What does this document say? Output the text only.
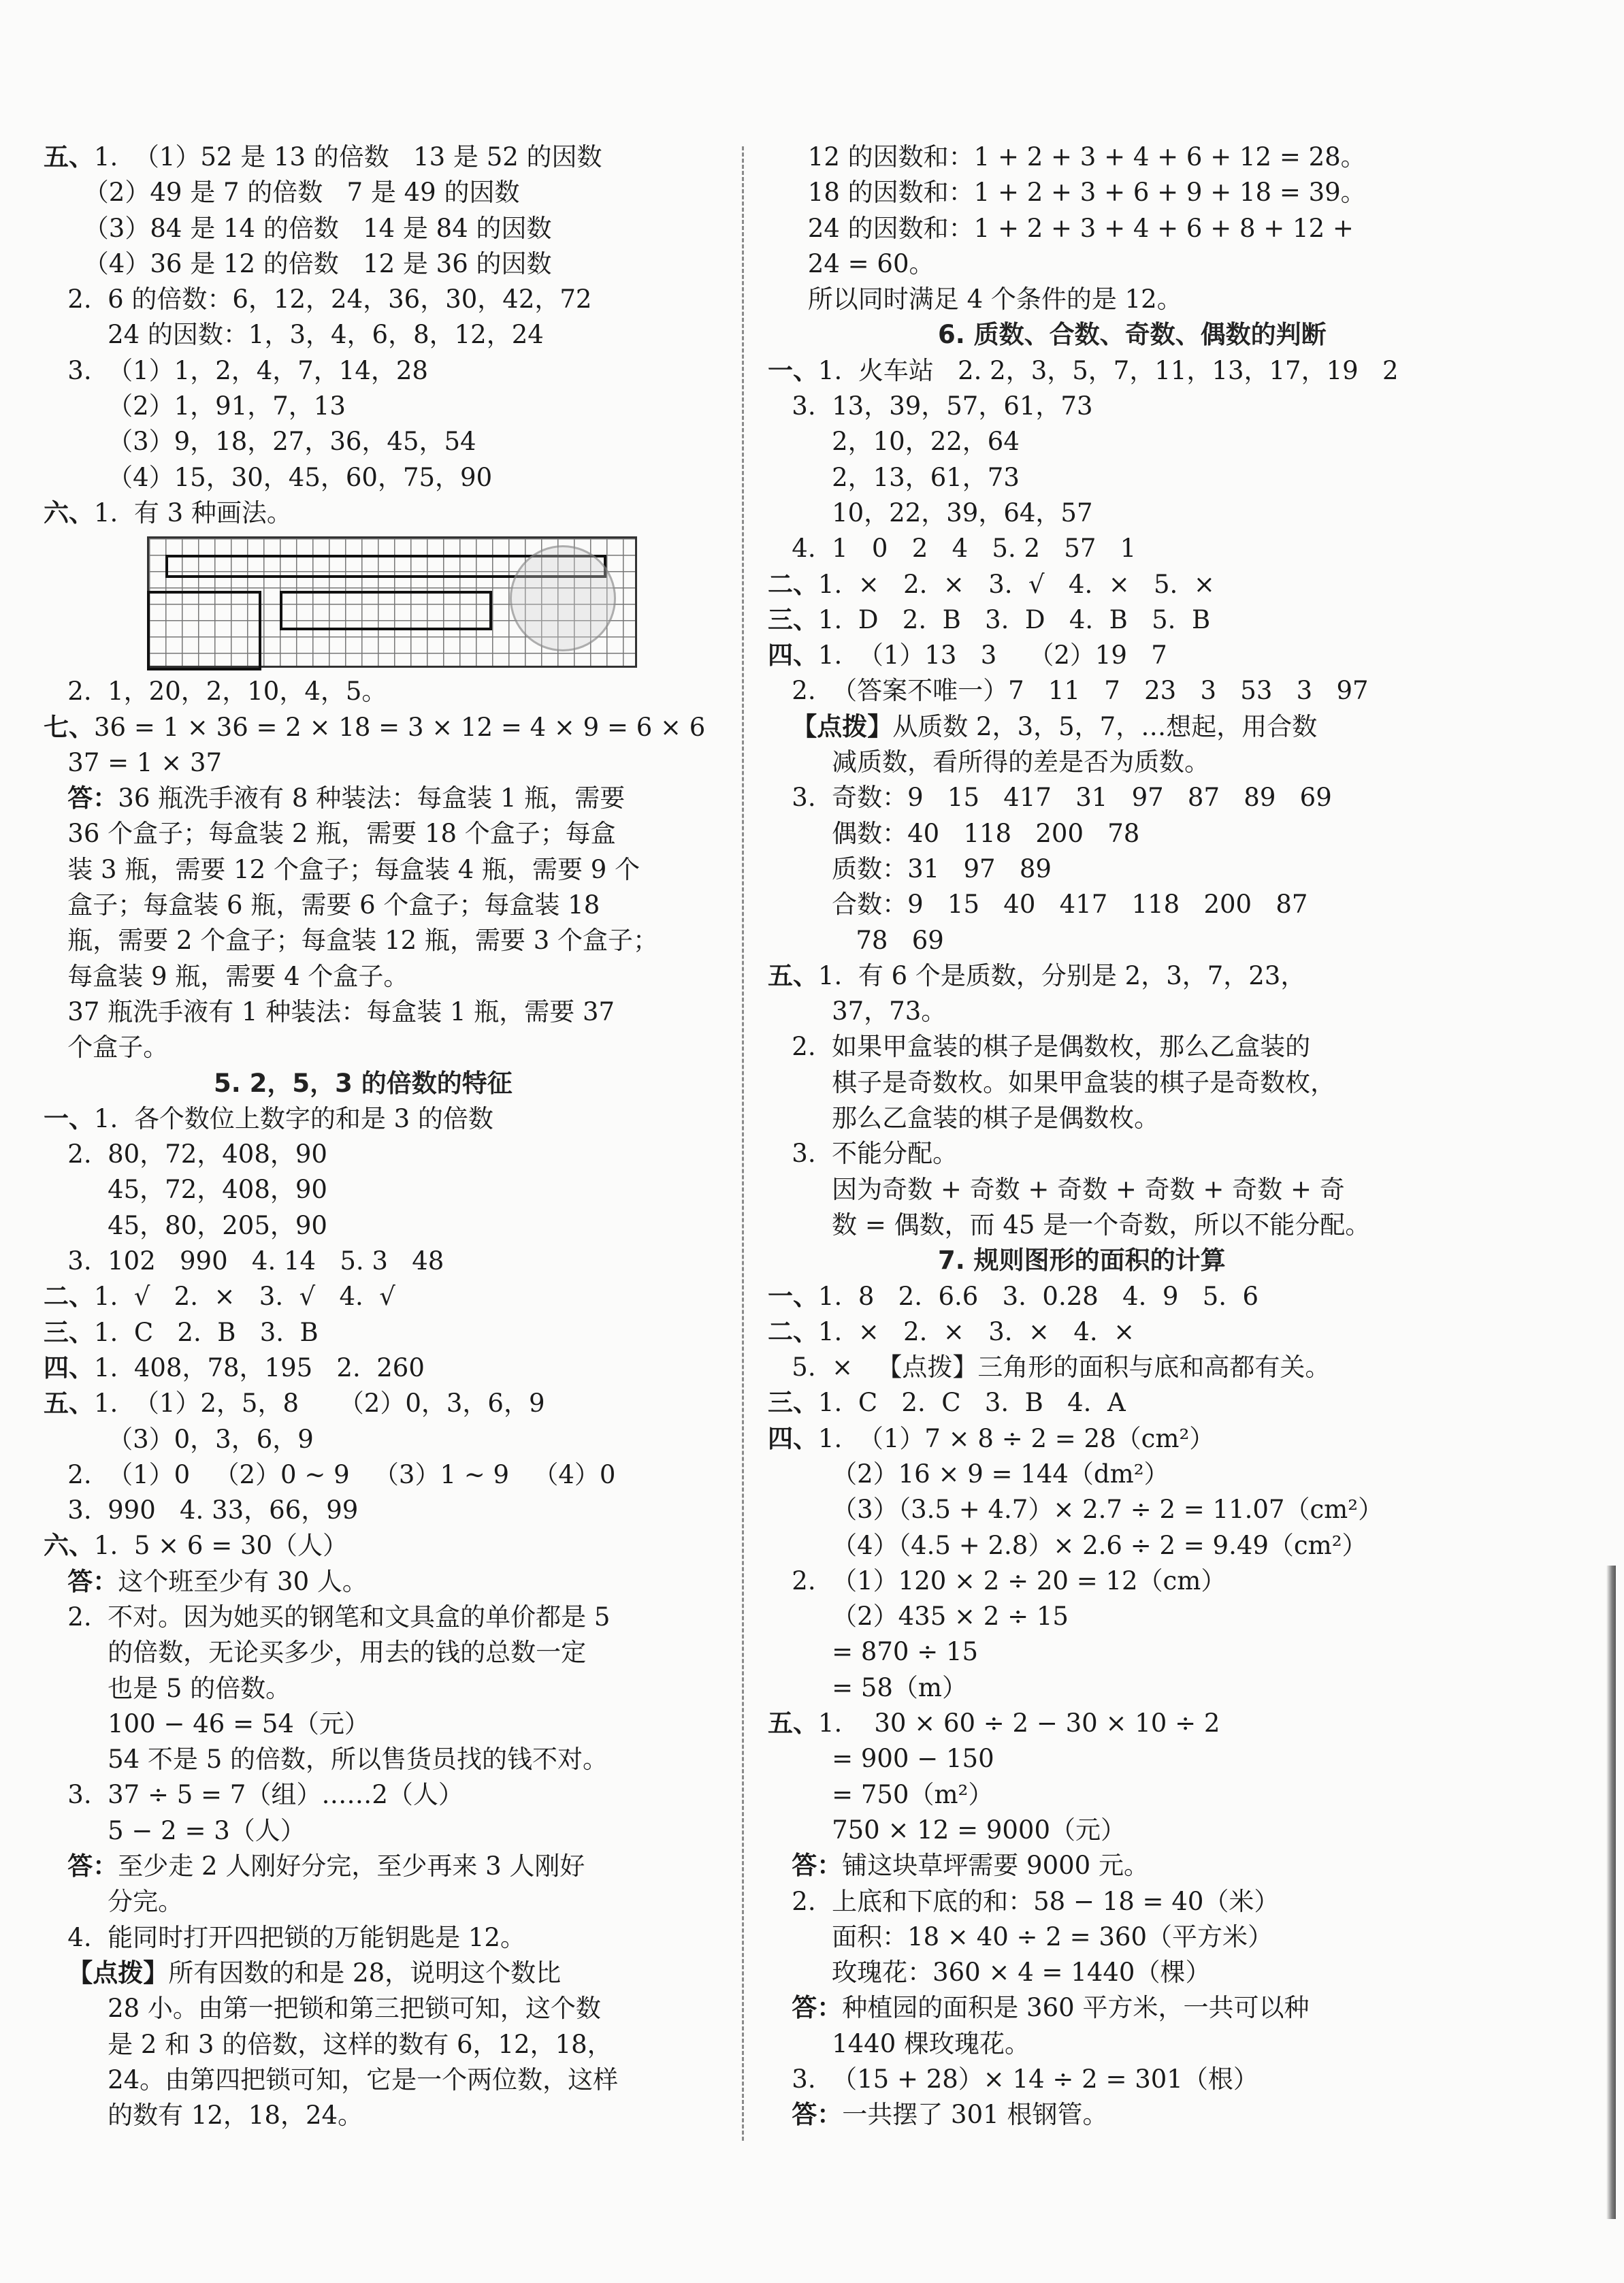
五、1.  （1）52 是 13 的倍数   13 是 52 的因数
（2）49 是 7 的倍数   7 是 49 的因数
（3）84 是 14 的倍数   14 是 84 的因数
（4）36 是 12 的倍数   12 是 36 的因数
2.  6 的倍数：6，12，24，36，30，42，72
24 的因数：1，3，4，6，8，12，24
3.  （1）1，2，4，7，14，28
（2）1，91，7，13
（3）9，18，27，36，45，54
（4）15，30，45，60，75，90
六、1.  有 3 种画法。
2.  1，20，2，10，4，5。
七、36 = 1 × 36 = 2 × 18 = 3 × 12 = 4 × 9 = 6 × 6
37 = 1 × 37
答：36 瓶洗手液有 8 种装法：每盒装 1 瓶，需要
36 个盒子；每盒装 2 瓶，需要 18 个盒子；每盒
装 3 瓶，需要 12 个盒子；每盒装 4 瓶，需要 9 个
盒子；每盒装 6 瓶，需要 6 个盒子；每盒装 18
瓶，需要 2 个盒子；每盒装 12 瓶，需要 3 个盒子；
每盒装 9 瓶，需要 4 个盒子。
37 瓶洗手液有 1 种装法：每盒装 1 瓶，需要 37
个盒子。
5. 2，5，3 的倍数的特征
一、1.  各个数位上数字的和是 3 的倍数
2.  80，72，408，90
45，72，408，90
45，80，205，90
3.  102   990   4. 14   5. 3   48
二、1.  √   2.  ×   3.  √   4.  √
三、1.  C   2.  B   3.  B
四、1.  408，78，195   2.  260
五、1.  （1）2，5，8     （2）0，3，6，9
（3）0，3，6，9
2.  （1）0   （2）0 ~ 9   （3）1 ~ 9   （4）0
3.  990   4. 33，66，99
六、1.  5 × 6 = 30（人）
答：这个班至少有 30 人。
2.  不对。因为她买的钢笔和文具盒的单价都是 5
的倍数，无论买多少，用去的钱的总数一定
也是 5 的倍数。
100 − 46 = 54（元）
54 不是 5 的倍数，所以售货员找的钱不对。
3.  37 ÷ 5 = 7（组）……2（人）
5 − 2 = 3（人）
答：至少走 2 人刚好分完，至少再来 3 人刚好
分完。
4.  能同时打开四把锁的万能钥匙是 12。
【点拨】所有因数的和是 28，说明这个数比
28 小。由第一把锁和第三把锁可知，这个数
是 2 和 3 的倍数，这样的数有 6，12，18，
24。由第四把锁可知，它是一个两位数，这样
的数有 12，18，24。
12 的因数和：1 + 2 + 3 + 4 + 6 + 12 = 28。
18 的因数和：1 + 2 + 3 + 6 + 9 + 18 = 39。
24 的因数和：1 + 2 + 3 + 4 + 6 + 8 + 12 +
24 = 60。
所以同时满足 4 个条件的是 12。
6. 质数、合数、奇数、偶数的判断
一、1.  火车站   2. 2，3，5，7，11，13，17，19   2
3.  13，39，57，61，73
2，10，22，64
2，13，61，73
10，22，39，64，57
4.  1   0   2   4   5. 2   57   1
二、1.  ×   2.  ×   3.  √   4.  ×   5.  ×
三、1.  D   2.  B   3.  D   4.  B   5.  B
四、1.  （1）13   3    （2）19   7
2.  （答案不唯一）7   11   7   23   3   53   3   97
【点拨】从质数 2，3，5，7，…想起，用合数
减质数，看所得的差是否为质数。
3.  奇数：9   15   417   31   97   87   89   69
偶数：40   118   200   78
质数：31   97   89
合数：9   15   40   417   118   200   87
78   69
五、1.  有 6 个是质数，分别是 2，3，7，23，
37，73。
2.  如果甲盒装的棋子是偶数枚，那么乙盒装的
棋子是奇数枚。如果甲盒装的棋子是奇数枚，
那么乙盒装的棋子是偶数枚。
3.  不能分配。
因为奇数 + 奇数 + 奇数 + 奇数 + 奇数 + 奇
数 = 偶数，而 45 是一个奇数，所以不能分配。
7. 规则图形的面积的计算
一、1.  8   2.  6.6   3.  0.28   4.  9   5.  6
二、1.  ×   2.  ×   3.  ×   4.  ×
5.  ×   【点拨】三角形的面积与底和高都有关。
三、1.  C   2.  C   3.  B   4.  A
四、1.  （1）7 × 8 ÷ 2 = 28（cm²）
（2）16 × 9 = 144（dm²）
（3）（3.5 + 4.7）× 2.7 ÷ 2 = 11.07（cm²）
（4）（4.5 + 2.8）× 2.6 ÷ 2 = 9.49（cm²）
2.  （1）120 × 2 ÷ 20 = 12（cm）
（2）435 × 2 ÷ 15
= 870 ÷ 15
= 58（m）
五、1.    30 × 60 ÷ 2 − 30 × 10 ÷ 2
= 900 − 150
= 750（m²）
750 × 12 = 9000（元）
答：铺这块草坪需要 9000 元。
2.  上底和下底的和：58 − 18 = 40（米）
面积：18 × 40 ÷ 2 = 360（平方米）
玫瑰花：360 × 4 = 1440（棵）
答：种植园的面积是 360 平方米，一共可以种
1440 棵玫瑰花。
3.  （15 + 28）× 14 ÷ 2 = 301（根）
答：一共摆了 301 根钢管。
